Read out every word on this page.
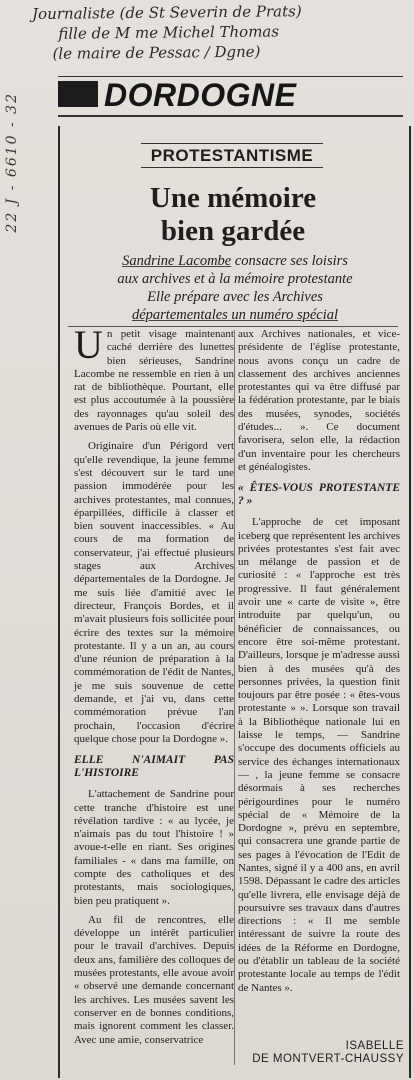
Journaliste (de St Severin de Prats)
fille de M me Michel Thomas
(le maire de Pessac / Dgne)
22 J - 6610 - 32	DORDOGNE
PROTESTANTISME
Une mémoire
bien gardée
Sandrine Lacombe consacre ses loisirs
aux archives et à la mémoire protestante
Elle prépare avec les Archives
départementales un numéro spécial

Un petit visage maintenant caché derrière des lunettes bien sérieuses, Sandrine Lacombe ne ressemble en rien à un rat de bibliothèque. Pourtant, elle est plus accoutumée à la poussière des rayonnages qu'au soleil des avenues de Paris où elle vit.

Originaire d'un Périgord vert qu'elle revendique, la jeune femme s'est découvert sur le tard une passion immodérée pour les archives protestantes, mal connues, éparpillées, difficile à classer et bien souvent inaccessibles. « Au cours de ma formation de conservateur, j'ai effectué plusieurs stages aux Archives départementales de la Dordogne. Je me suis liée d'amitié avec le directeur, François Bordes, et il m'avait plusieurs fois sollicitée pour écrire des textes sur la mémoire protestante. Il y a un an, au cours d'une réunion de préparation à la commémoration de l'édit de Nantes, je me suis souvenue de cette demande, et j'ai vu, dans cette commémoration prévue l'an prochain, l'occasion d'écrire quelque chose pour la Dordogne ».

ELLE N'AIMAIT PAS L'HISTOIRE

L'attachement de Sandrine pour cette tranche d'histoire est une révélation tardive : « au lycée, je n'aimais pas du tout l'histoire ! » avoue-t-elle en riant. Ses origines familiales - « dans ma famille, on compte des catholiques et des protestants, mais sociologiques, bien peu pratiquent ».

Au fil de rencontres, elle développe un intérêt particulier pour le travail d'archives. Depuis deux ans, familière des colloques de musées protestants, elle avoue avoir « observé une demande concernant les archives. Les musées savent les conserver en de bonnes conditions, mais ignorent comment les classer. Avec une amie, conservatrice

aux Archives nationales, et vice-présidente de l'église protestante, nous avons conçu un cadre de classement des archives anciennes protestantes qui va être diffusé par la fédération protestante, par le biais des musées, synodes, sociétés d'études... ». Ce document favorisera, selon elle, la rédaction d'un inventaire pour les chercheurs et généalogistes.

« ÊTES-VOUS PROTESTANTE ? »

L'approche de cet imposant iceberg que représentent les archives privées protestantes s'est fait avec un mélange de passion et de curiosité : « l'approche est très progressive. Il faut généralement avoir une « carte de visite », être introduite par quelqu'un, ou bénéficier de connaissances, ou encore être soi-même protestant. D'ailleurs, lorsque je m'adresse aussi bien à des musées qu'à des personnes privées, la question finit toujours par être posée : « êtes-vous protestante » ». Lorsque son travail à la Bibliothèque nationale lui en laisse le temps, — Sandrine s'occupe des documents officiels au service des échanges internationaux — , la jeune femme se consacre désormais à ses recherches périgourdines pour le numéro spécial de « Mémoire de la Dordogne », prévu en septembre, qui consacrera une grande partie de ses pages à l'évocation de l'Edit de Nantes, signé il y a 400 ans, en avril 1598. Dépassant le cadre des articles qu'elle livrera, elle envisage déjà de poursuivre ses travaux dans d'autres directions : « Il me semble intéressant de suivre la route des idées de la Réforme en Dordogne, ou d'établir un tableau de la société protestante locale au temps de l'édit de Nantes ».

ISABELLE
DE MONTVERT-CHAUSSY
